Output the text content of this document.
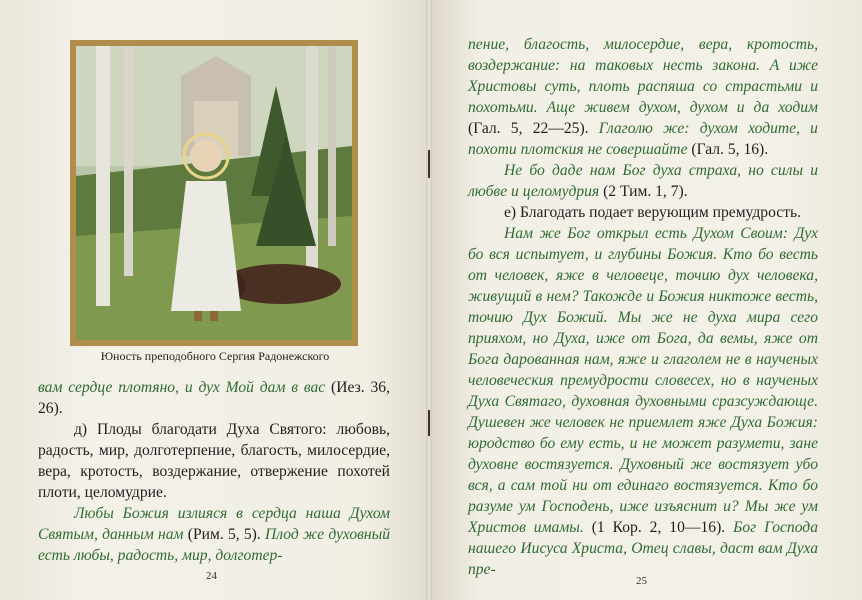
Юность преподобного Сергия Радонежского

вам сердце плотяно, и дух Мой дам в вас (Иез. 36, 26).

д) Плоды благодати Духа Святого: любовь, радость, мир, долготерпение, благость, милосердие, вера, кротость, воздержание, отвержение похотей плоти, целомудрие.

Любы Божия излияся в сердца наша Духом Святым, данным нам (Рим. 5, 5). Плод же духовный есть любы, радость, мир, долготер-

24

пение, благость, милосердие, вера, кротость, воздержание: на таковых несть закона. А иже Христовы суть, плоть распяша со страстьми и похотьми. Аще живем духом, духом и да ходим (Гал. 5, 22—25). Глаголю же: духом ходите, и похоти плотския не совершайте (Гал. 5, 16).

Не бо даде нам Бог духа страха, но силы и любве и целомудрия (2 Тим. 1, 7).

е) Благодать подает верующим премудрость.

Нам же Бог открыл есть Духом Своим: Дух бо вся испытует, и глубины Божия. Кто бо весть от человек, яже в человеце, точию дух человека, живущий в нем? Такожде и Божия никтоже весть, точию Дух Божий. Мы же не духа мира сего прияхом, но Духа, иже от Бога, да вемы, яже от Бога дарованная нам, яже и глаголем не в наученых человеческия премудрости словесех, но в наученых Духа Святаго, духовная духовными сразсуждающе. Душевен же человек не приемлет яже Духа Божия: юродство бо ему есть, и не может разумети, зане духовне востязуется. Духовный же востязует убо вся, а сам той ни от единаго востязуется. Кто бо разуме ум Господень, иже изъяснит и? Мы же ум Христов имамы. (1 Кор. 2, 10—16). Бог Господа нашего Иисуса Христа, Отец славы, даст вам Духа пре-

25
